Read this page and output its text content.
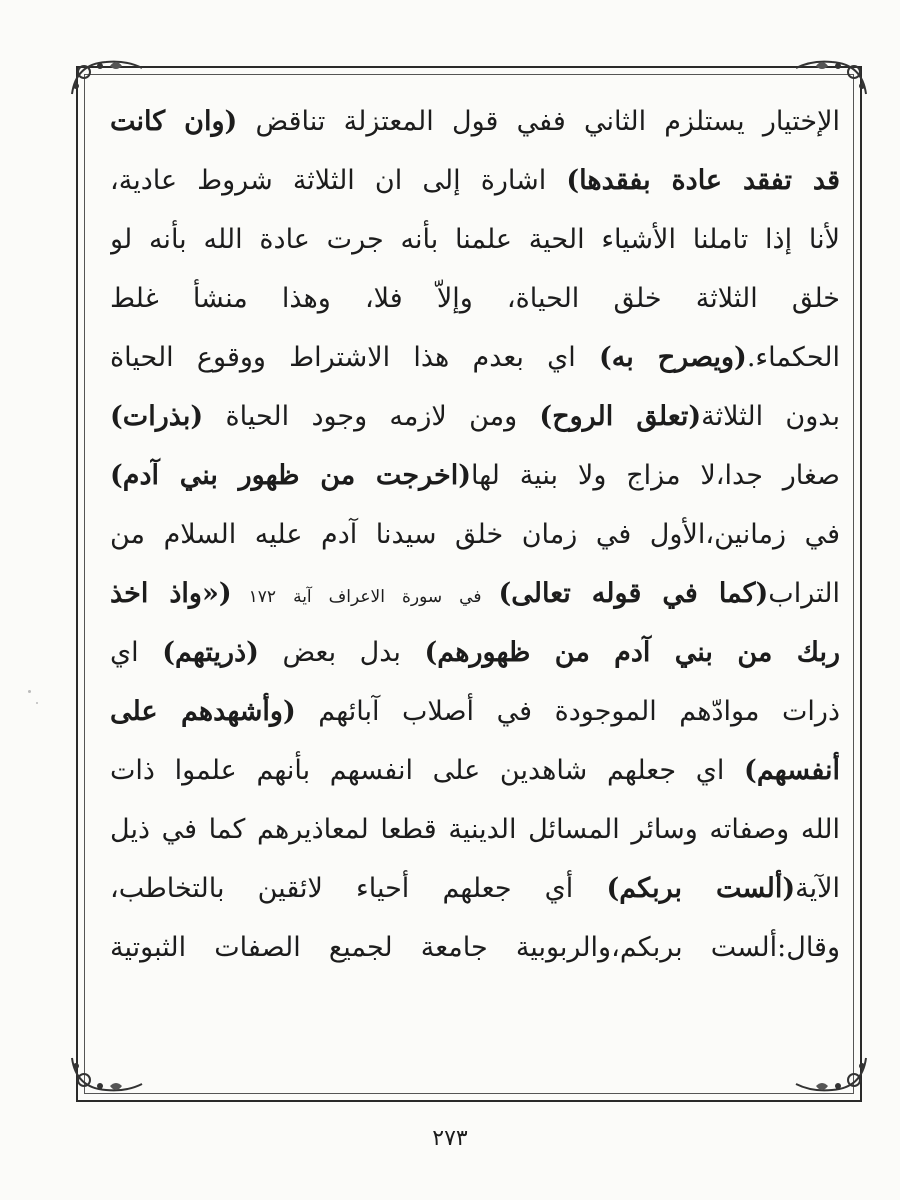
الإختيار يستلزم الثاني ففي قول المعتزلة تناقض (وان كانت
قد تفقد عادة بفقدها) اشارة إلى ان الثلاثة شروط عادية،
لأنا إذا تاملنا الأشياء الحية علمنا بأنه جرت عادة الله بأنه لو
خلق الثلاثة خلق الحياة، وإلاّ فلا، وهذا منشأ غلط
الحكماء.(ويصرح به) اي بعدم هذا الاشتراط ووقوع الحياة
بدون الثلاثة(تعلق الروح) ومن لازمه وجود الحياة (بذرات)
صغار جدا،لا مزاج ولا بنية لها(اخرجت من ظهور بني آدم)
في زمانين،الأول في زمان خلق سيدنا آدم عليه السلام من
التراب(كما في قوله تعالى) في سورة الاعراف آية ١٧٢ («واذ اخذ
ربك من بني آدم من ظهورهم) بدل بعض (ذريتهم) اي
ذرات موادّهم الموجودة في أصلاب آبائهم (وأشهدهم على
أنفسهم) اي جعلهم شاهدين على انفسهم بأنهم علموا ذات
الله وصفاته وسائر المسائل الدينية قطعا لمعاذيرهم كما في ذيل
الآية(ألست بربكم) أي جعلهم أحياء لائقين بالتخاطب،
وقال:ألست بربكم،والربوبية جامعة لجميع الصفات الثبوتية
٢٧٣
